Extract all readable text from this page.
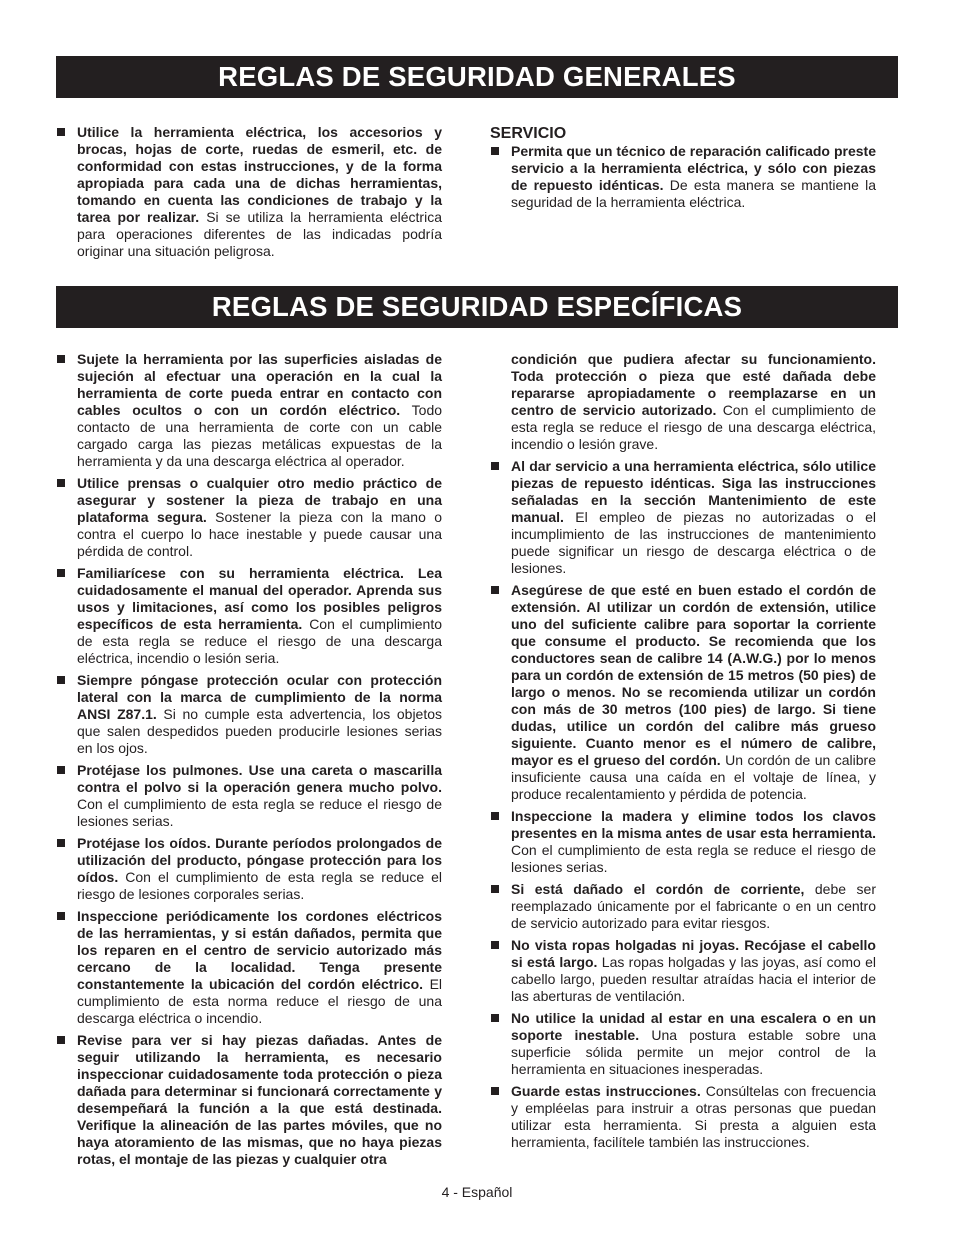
REGLAS DE SEGURIDAD GENERALES
Utilice la herramienta eléctrica, los accesorios y brocas, hojas de corte, ruedas de esmeril, etc. de conformidad con estas instrucciones, y de la forma apropiada para cada una de dichas herramientas, tomando en cuenta las condiciones de trabajo y la tarea por realizar. Si se utiliza la herramienta eléctrica para operaciones diferentes de las indicadas podría originar una situación peligrosa.
SERVICIO
Permita que un técnico de reparación calificado preste servicio a la herramienta eléctrica, y sólo con piezas de repuesto idénticas. De esta manera se mantiene la seguridad de la herramienta eléctrica.
REGLAS DE SEGURIDAD ESPECÍFICAS
Sujete la herramienta por las superficies aisladas de sujeción al efectuar una operación en la cual la herramienta de corte pueda entrar en contacto con cables ocultos o con un cordón eléctrico. Todo contacto de una herramienta de corte con un cable cargado carga las piezas metálicas expuestas de la herramienta y da una descarga eléctrica al operador.
Utilice prensas o cualquier otro medio práctico de asegurar y sostener la pieza de trabajo en una plataforma segura. Sostener la pieza con la mano o contra el cuerpo lo hace inestable y puede causar una pérdida de control.
Familiarícese con su herramienta eléctrica. Lea cuidadosamente el manual del operador. Aprenda sus usos y limitaciones, así como los posibles peligros específicos de esta herramienta. Con el cumplimiento de esta regla se reduce el riesgo de una descarga eléctrica, incendio o lesión seria.
Siempre póngase protección ocular con protección lateral con la marca de cumplimiento de la norma ANSI Z87.1. Si no cumple esta advertencia, los objetos que salen despedidos pueden producirle lesiones serias en los ojos.
Protéjase los pulmones. Use una careta o mascarilla contra el polvo si la operación genera mucho polvo. Con el cumplimiento de esta regla se reduce el riesgo de lesiones serias.
Protéjase los oídos. Durante períodos prolongados de utilización del producto, póngase protección para los oídos. Con el cumplimiento de esta regla se reduce el riesgo de lesiones corporales serias.
Inspeccione periódicamente los cordones eléctricos de las herramientas, y si están dañados, permita que los reparen en el centro de servicio autorizado más cercano de la localidad. Tenga presente constantemente la ubicación del cordón eléctrico. El cumplimiento de esta norma reduce el riesgo de una descarga eléctrica o incendio.
Revise para ver si hay piezas dañadas. Antes de seguir utilizando la herramienta, es necesario inspeccionar cuidadosamente toda protección o pieza dañada para determinar si funcionará correctamente y desempeñará la función a la que está destinada. Verifique la alineación de las partes móviles, que no haya atoramiento de las mismas, que no haya piezas rotas, el montaje de las piezas y cualquier otra
condición que pudiera afectar su funcionamiento. Toda protección o pieza que esté dañada debe repararse apropiadamente o reemplazarse en un centro de servicio autorizado. Con el cumplimiento de esta regla se reduce el riesgo de una descarga eléctrica, incendio o lesión grave.
Al dar servicio a una herramienta eléctrica, sólo utilice piezas de repuesto idénticas. Siga las instrucciones señaladas en la sección Mantenimiento de este manual. El empleo de piezas no autorizadas o el incumplimiento de las instrucciones de mantenimiento puede significar un riesgo de descarga eléctrica o de lesiones.
Asegúrese de que esté en buen estado el cordón de extensión. Al utilizar un cordón de extensión, utilice uno del suficiente calibre para soportar la corriente que consume el producto. Se recomienda que los conductores sean de calibre 14 (A.W.G.) por lo menos para un cordón de extensión de 15 metros (50 pies) de largo o menos. No se recomienda utilizar un cordón con más de 30 metros (100 pies) de largo. Si tiene dudas, utilice un cordón del calibre más grueso siguiente. Cuanto menor es el número de calibre, mayor es el grueso del cordón. Un cordón de un calibre insuficiente causa una caída en el voltaje de línea, y produce recalentamiento y pérdida de potencia.
Inspeccione la madera y elimine todos los clavos presentes en la misma antes de usar esta herramienta. Con el cumplimiento de esta regla se reduce el riesgo de lesiones serias.
Si está dañado el cordón de corriente, debe ser reemplazado únicamente por el fabricante o en un centro de servicio autorizado para evitar riesgos.
No vista ropas holgadas ni joyas. Recójase el cabello si está largo. Las ropas holgadas y las joyas, así como el cabello largo, pueden resultar atraídas hacia el interior de las aberturas de ventilación.
No utilice la unidad al estar en una escalera o en un soporte inestable. Una postura estable sobre una superficie sólida permite un mejor control de la herramienta en situaciones inesperadas.
Guarde estas instrucciones. Consúltelas con frecuencia y empléelas para instruir a otras personas que puedan utilizar esta herramienta. Si presta a alguien esta herramienta, facilítele también las instrucciones.
4 - Español
